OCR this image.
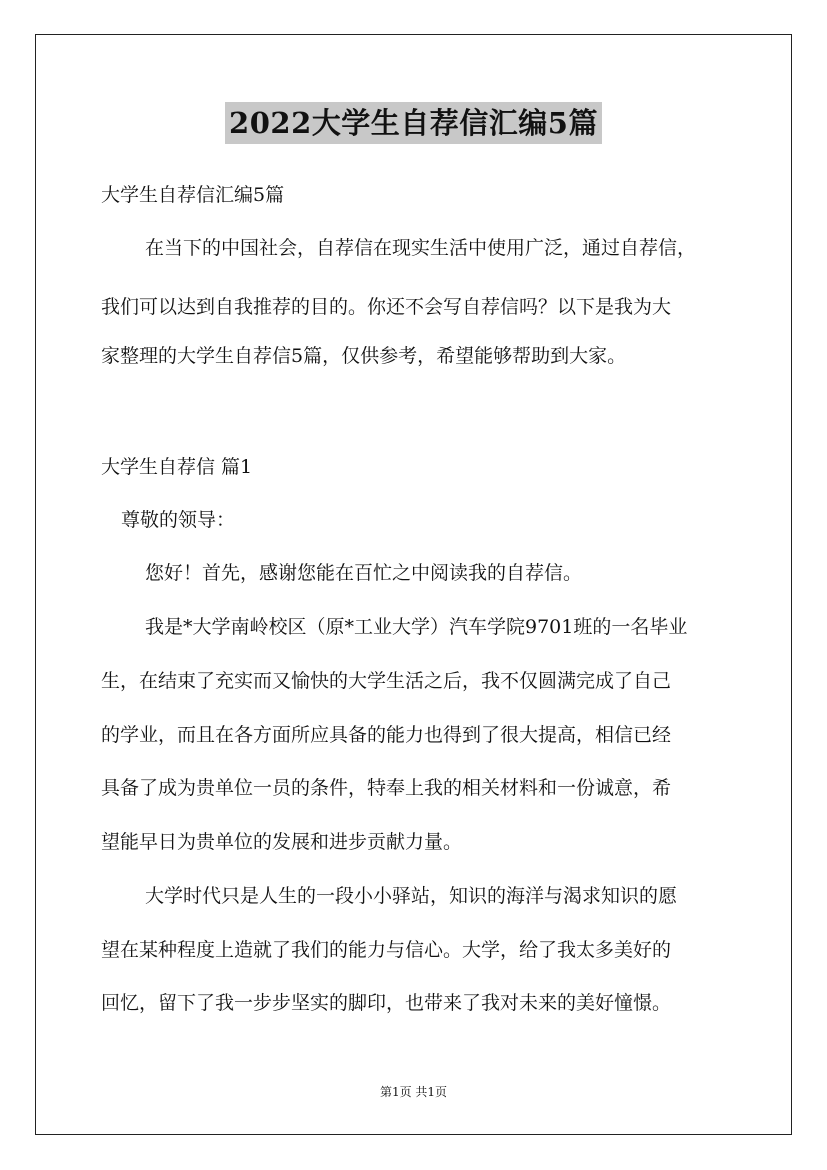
2022大学生自荐信汇编5篇
大学生自荐信汇编5篇
在当下的中国社会，自荐信在现实生活中使用广泛，通过自荐信，
我们可以达到自我推荐的目的。你还不会写自荐信吗？以下是我为大
家整理的大学生自荐信5篇，仅供参考，希望能够帮助到大家。
大学生自荐信 篇1
尊敬的领导：
您好！首先，感谢您能在百忙之中阅读我的自荐信。
我是*大学南岭校区（原*工业大学）汽车学院9701班的一名毕业
生，在结束了充实而又愉快的大学生活之后，我不仅圆满完成了自己
的学业，而且在各方面所应具备的能力也得到了很大提高，相信已经
具备了成为贵单位一员的条件，特奉上我的相关材料和一份诚意，希
望能早日为贵单位的发展和进步贡献力量。
大学时代只是人生的一段小小驿站，知识的海洋与渴求知识的愿
望在某种程度上造就了我们的能力与信心。大学，给了我太多美好的
回忆，留下了我一步步坚实的脚印，也带来了我对未来的美好憧憬。
第1页 共1页
